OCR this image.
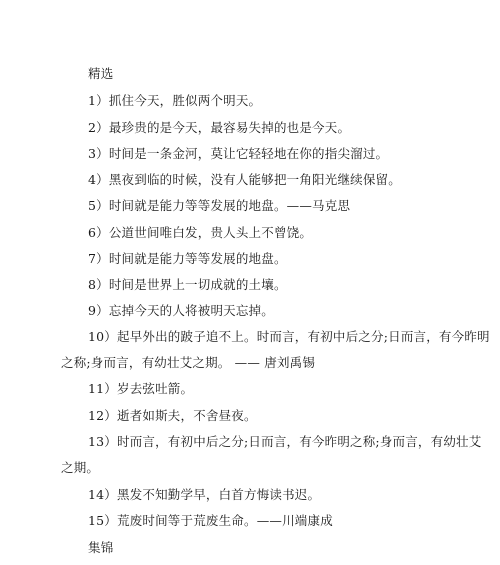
精选
1）抓住今天，胜似两个明天。
2）最珍贵的是今天，最容易失掉的也是今天。
3）时间是一条金河，莫让它轻轻地在你的指尖溜过。
4）黑夜到临的时候，没有人能够把一角阳光继续保留。
5）时间就是能力等等发展的地盘。——马克思
6）公道世间唯白发，贵人头上不曾饶。
7）时间就是能力等等发展的地盘。
8）时间是世界上一切成就的土壤。
9）忘掉今天的人将被明天忘掉。
10）起早外出的跛子追不上。时而言，有初中后之分;日而言，有今昨明
之称;身而言，有幼壮艾之期。 —— 唐刘禹锡
11）岁去弦吐箭。
12）逝者如斯夫，不舍昼夜。
13）时而言，有初中后之分;日而言，有今昨明之称;身而言，有幼壮艾
之期。
14）黑发不知勤学早，白首方悔读书迟。
15）荒废时间等于荒废生命。——川端康成
集锦
